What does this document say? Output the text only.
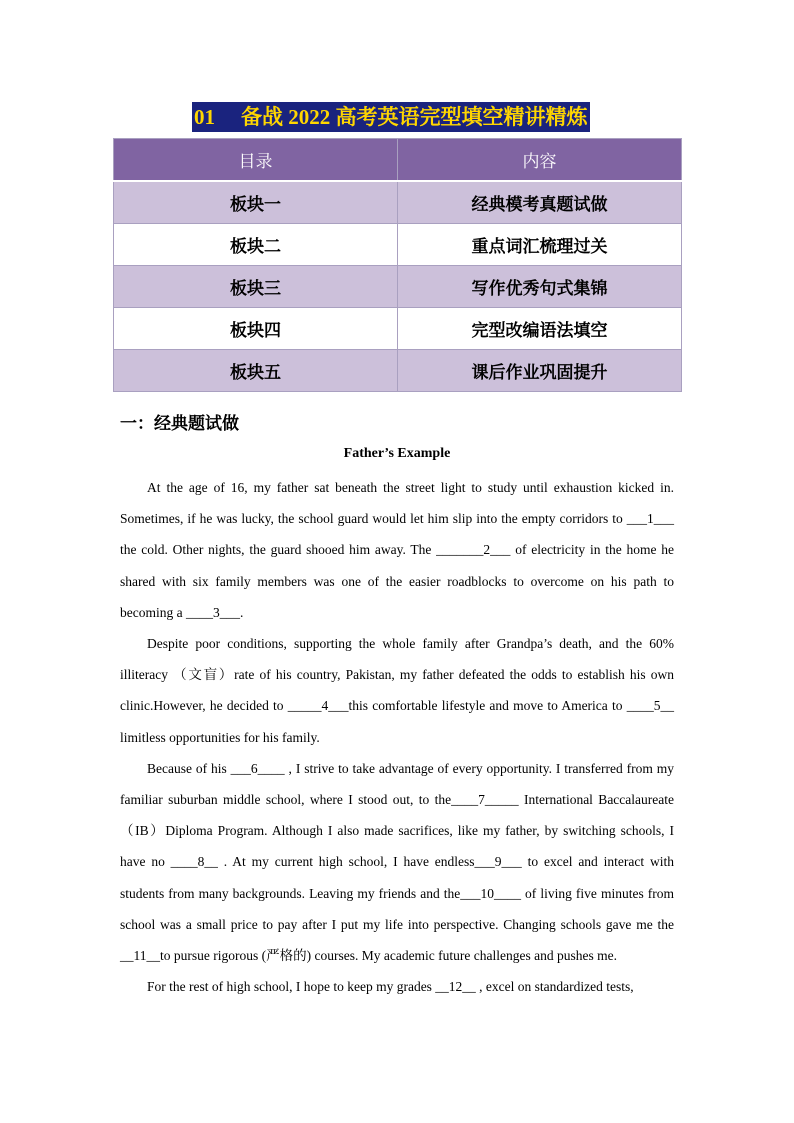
01 备战 2022 高考英语完型填空精讲精炼
目录	内容
板块一	经典模考真题试做
板块二	重点词汇梳理过关
板块三	写作优秀句式集锦
板块四	完型改编语法填空
板块五	课后作业巩固提升
一：经典题试做
Father’s Example

At the age of 16, my father sat beneath the street light to study until exhaustion kicked in. Sometimes, if he was lucky, the school guard would let him slip into the empty corridors to ___1___ the cold. Other nights, the guard shooed him away. The _______2___ of electricity in the home he shared with six family members was one of the easier roadblocks to overcome on his path to becoming a ____3___.

Despite poor conditions, supporting the whole family after Grandpa’s death, and the 60% illiteracy （文盲）rate of his country, Pakistan, my father defeated the odds to establish his own clinic.However, he decided to _____4___this comfortable lifestyle and move to America to ____5__ limitless opportunities for his family.

Because of his ___6____ , I strive to take advantage of every opportunity. I transferred from my familiar suburban middle school, where I stood out, to the____7_____ International Baccalaureate（IB）Diploma Program. Although I also made sacrifices, like my father, by switching schools, I have no ____8__ . At my current high school, I have endless___9___ to excel and interact with students from many backgrounds. Leaving my friends and the___10____ of living five minutes from school was a small price to pay after I put my life into perspective. Changing schools gave me the __11__to pursue rigorous (严格的) courses. My academic future challenges and pushes me.

For the rest of high school, I hope to keep my grades __12__ , excel on standardized tests,
